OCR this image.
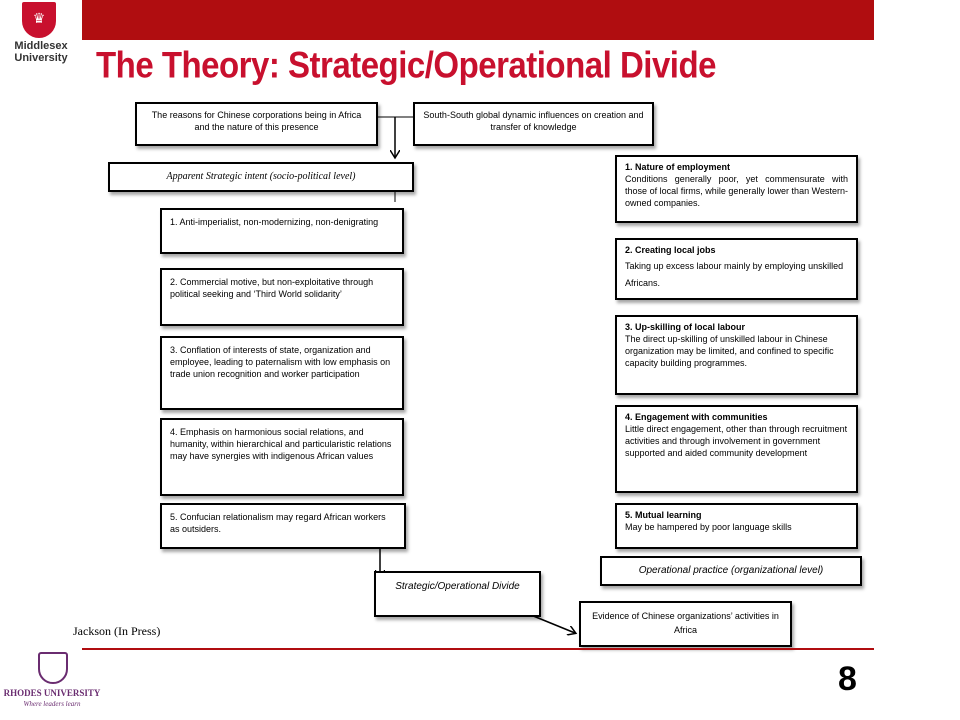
♛
Middlesex University The Theory: Strategic/Operational Divide
The reasons for Chinese corporations being in Africa and the nature of this presence
South-South global dynamic influences on creation and transfer of knowledge
Apparent Strategic intent (socio-political level)
1. Anti-imperialist, non-modernizing, non-denigrating
2. Commercial motive, but non-exploitative through political seeking and ‘Third World solidarity’
3. Conflation of interests of state, organization and employee, leading to paternalism with low emphasis on trade union recognition and worker participation
4. Emphasis on harmonious social relations, and humanity, within hierarchical and particularistic relations may have synergies with indigenous African values
5. Confucian relationalism may regard African workers as outsiders.
1. Nature of employment
Conditions generally poor, yet commensurate with those of local firms, while generally lower than Western-owned companies.
2. Creating local jobs
Taking up excess labour mainly by employing unskilled Africans.
3. Up-skilling of local labour
The direct up-skilling of unskilled labour in Chinese organization may be limited, and confined to specific capacity building programmes.
4. Engagement with communities
Little direct engagement, other than through recruitment activities and through involvement in government supported and aided community development
5. Mutual learning
May be hampered by poor language skills
Operational practice (organizational level)
Strategic/Operational Divide
Evidence of Chinese organizations’ activities in Africa
Jackson (In Press)
8
RHODES UNIVERSITY
Where leaders learn
